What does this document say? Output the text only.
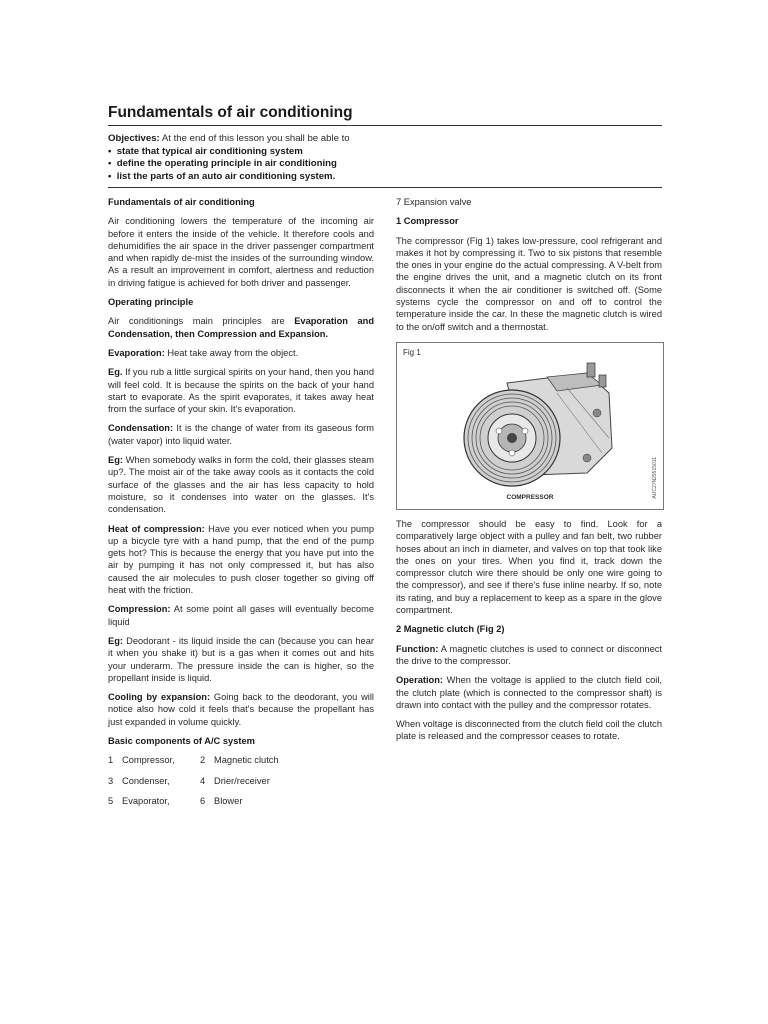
Fundamentals of air conditioning
Objectives: At the end of this lesson you shall be able to
•  state that typical air conditioning system
•  define the operating principle in air conditioning
•  list the parts of an auto air conditioning system.
Fundamentals of air conditioning

Air conditioning lowers the temperature of the incoming air before it enters the inside of the vehicle. It therefore cools and dehumidifies the air space in the driver passenger compartment and when rapidly de-mist the insides of the surrounding window. As a result an improvement in comfort, alertness and reduction in driving fatigue is achieved for both driver and passenger.

Operating principle

Air conditionings main principles are Evaporation and Condensation, then Compression and Expansion.

Evaporation: Heat take away from the object.

Eg. If you rub a little surgical spirits on your hand, then you hand will feel cold. It is because the spirits on the back of your hand start to evaporate. As the spirit evaporates, it takes away heat from the surface of your skin. It's evaporation.

Condensation: It is the change of water from its gaseous form (water vapor) into liquid water.

Eg: When somebody walks in form the cold, their glasses steam up?. The moist air of the take away cools as it contacts the cold surface of the glasses and the air has less capacity to hold moisture, so it condenses into water on the glasses. It's condensation.

Heat of compression: Have you ever noticed when you pump up a bicycle tyre with a hand pump, that the end of the pump gets hot? This is because the energy that you have put into the air by pumping it has not only compressed it, but has also caused the air molecules to push closer together so giving off heat with the friction.

Compression: At some point all gases will eventually become liquid

Eg: Deodorant - its liquid inside the can (because you can hear it when you shake it) but is a gas when it comes out and hits your underarm. The pressure inside the can is higher, so the propellant inside is liquid.

Cooling by expansion: Going back to the deodorant, you will notice also how cold it feels that's because the propellant has just expanded in volume quickly.

Basic components of A/C system
1 Compressor,	2 Magnetic clutch
3 Condenser,	4 Drier/receiver
5 Evaporator,	6 Blower

7 Expansion valve

1 Compressor

The compressor (Fig 1) takes low-pressure, cool refrigerant and makes it hot by compressing it. Two to six pistons that resemble the ones in your engine do the actual compressing. A V-belt from the engine drives the unit, and a magnetic clutch on its front disconnects it when the air conditioner is switched off. (Some systems cycle the compressor on and off to control the temperature inside the car. In these the magnetic clutch is wired to the on/off switch and a thermostat.

Fig 1
COMPRESSOR	AUC27N29515011

The compressor should be easy to find. Look for a comparatively large object with a pulley and fan belt, two rubber hoses about an inch in diameter, and valves on top that took like the ones on your tires. When you find it, track down the compressor clutch wire there should be only one wire going to the compressor), and see if there's fuse inline nearby. If so, note its rating, and buy a replacement to keep as a spare in the glove compartment.

2 Magnetic clutch (Fig 2)

Function: A magnetic clutches is used to connect or disconnect the drive to the compressor.

Operation: When the voltage is applied to the clutch field coil, the clutch plate (which is connected to the compressor shaft) is drawn into contact with the pulley and the compressor rotates.

When voltage is disconnected from the clutch field coil the clutch plate is released and the compressor ceases to rotate.
